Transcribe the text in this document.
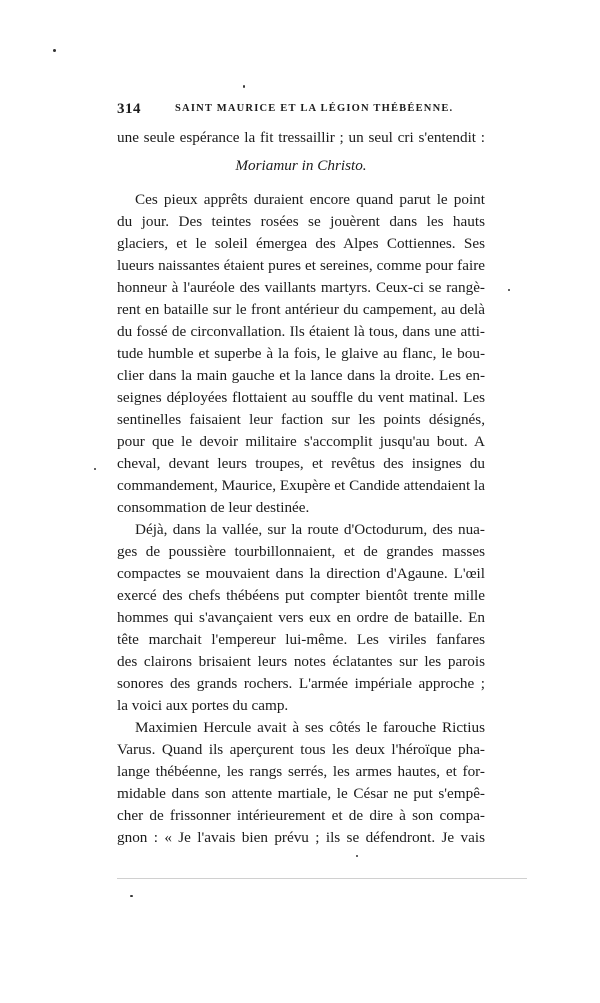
314	SAINT MAURICE ET LA LÉGION THÉBÉENNE.
une seule espérance la fit tressaillir ; un seul cri s'entendit :
Moriamur in Christo.
Ces pieux apprêts duraient encore quand parut le point
du jour. Des teintes rosées se jouèrent dans les hauts
glaciers, et le soleil émergea des Alpes Cottiennes. Ses
lueurs naissantes étaient pures et sereines, comme pour faire
honneur à l'auréole des vaillants martyrs. Ceux-ci se rangè-
rent en bataille sur le front antérieur du campement, au delà
du fossé de circonvallation. Ils étaient là tous, dans une atti-
tude humble et superbe à la fois, le glaive au flanc, le bou-
clier dans la main gauche et la lance dans la droite. Les en-
seignes déployées flottaient au souffle du vent matinal. Les
sentinelles faisaient leur faction sur les points désignés,
pour que le devoir militaire s'accomplit jusqu'au bout. A
cheval, devant leurs troupes, et revêtus des insignes du
commandement, Maurice, Exupère et Candide attendaient la
consommation de leur destinée.
Déjà, dans la vallée, sur la route d'Octodurum, des nua-
ges de poussière tourbillonnaient, et de grandes masses
compactes se mouvaient dans la direction d'Agaune. L'œil
exercé des chefs thébéens put compter bientôt trente mille
hommes qui s'avançaient vers eux en ordre de bataille. En
tête marchait l'empereur lui-même. Les viriles fanfares
des clairons brisaient leurs notes éclatantes sur les parois
sonores des grands rochers. L'armée impériale approche ;
la voici aux portes du camp.
Maximien Hercule avait à ses côtés le farouche Rictius
Varus. Quand ils aperçurent tous les deux l'héroïque pha-
lange thébéenne, les rangs serrés, les armes hautes, et for-
midable dans son attente martiale, le César ne put s'empê-
cher de frissonner intérieurement et de dire à son compa-
gnon : « Je l'avais bien prévu ; ils se défendront. Je vais
